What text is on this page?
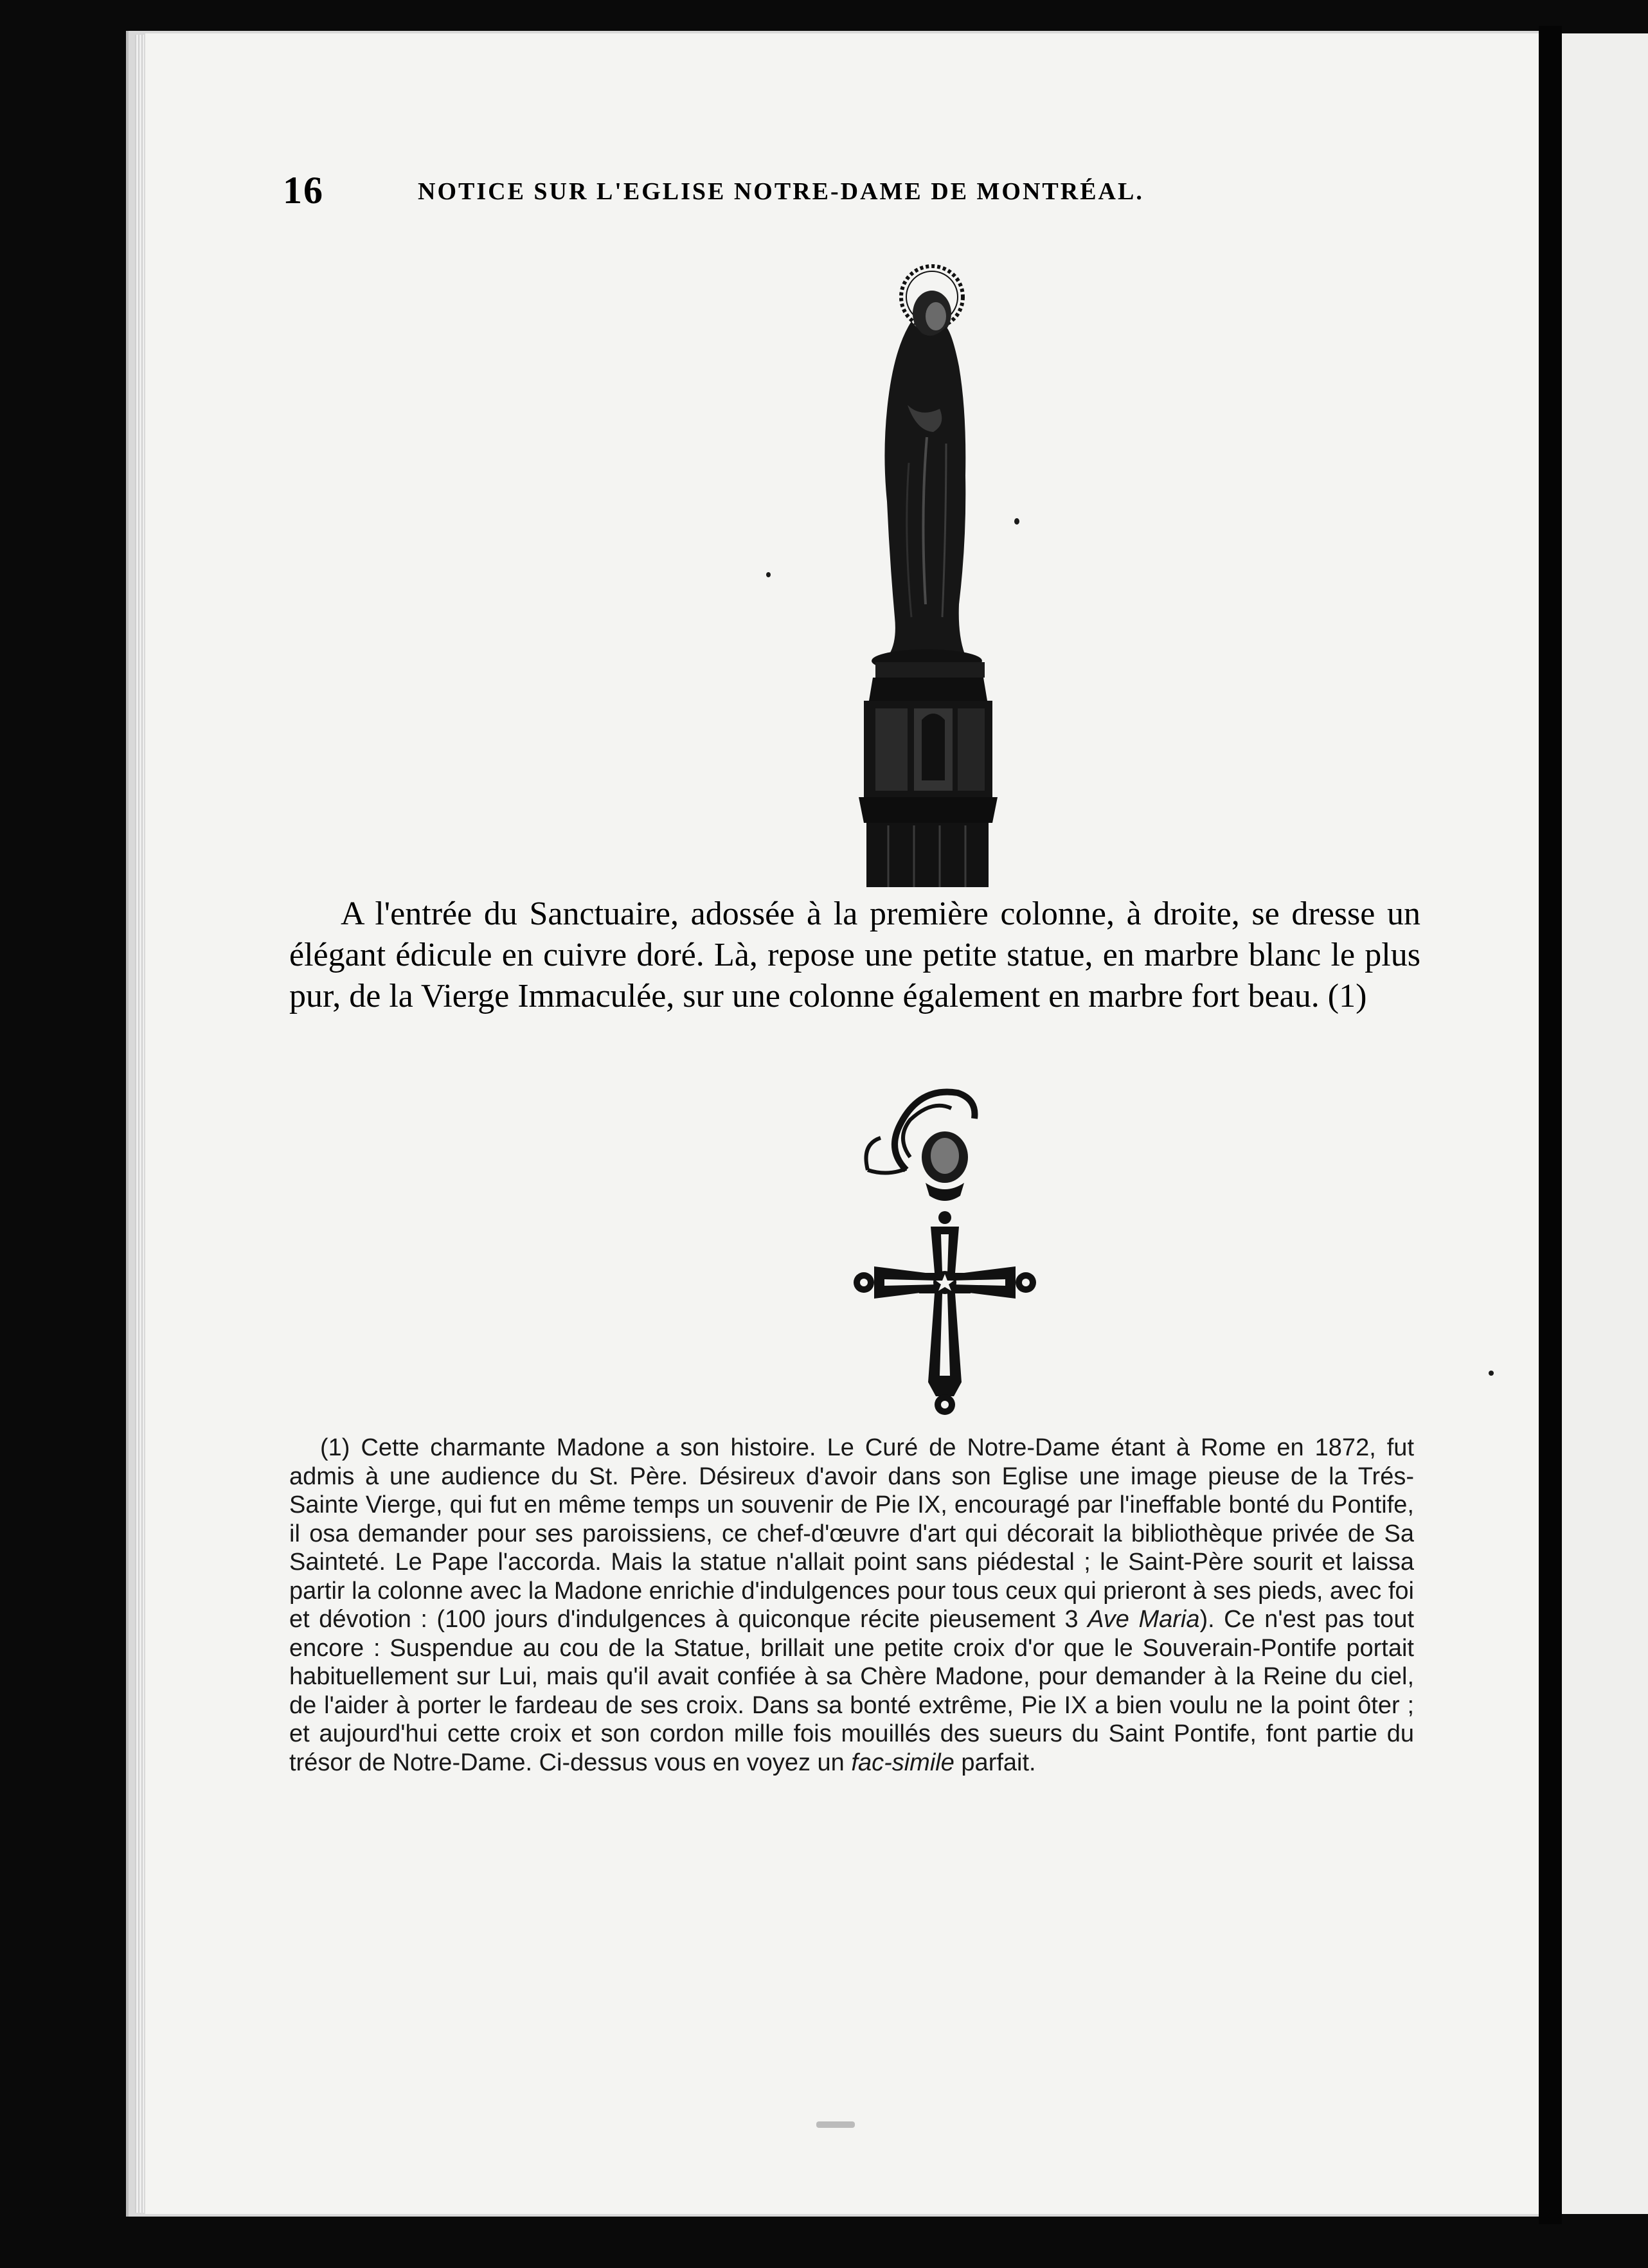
16	NOTICE SUR L'EGLISE NOTRE-DAME DE MONTRÉAL.

A l'entrée du Sanctuaire, adossée à la première colonne, à droite, se dresse un élégant édicule en cuivre doré. Là, repose une petite statue, en marbre blanc le plus pur, de la Vierge Immaculée, sur une colonne également en marbre fort beau. (1)

(1) Cette charmante Madone a son histoire. Le Curé de Notre-Dame étant à Rome en 1872, fut admis à une audience du St. Père. Désireux d'avoir dans son Eglise une image pieuse de la Trés-Sainte Vierge, qui fut en même temps un souvenir de Pie IX, encouragé par l'ineffable bonté du Pontife, il osa demander pour ses paroissiens, ce chef-d'œuvre d'art qui décorait la bibliothèque privée de Sa Sainteté. Le Pape l'accorda. Mais la statue n'allait point sans piédestal ; le Saint-Père sourit et laissa partir la colonne avec la Madone enrichie d'indulgences pour tous ceux qui prieront à ses pieds, avec foi et dévotion : (100 jours d'indulgences à quiconque récite pieusement 3 Ave Maria). Ce n'est pas tout encore : Suspendue au cou de la Statue, brillait une petite croix d'or que le Souverain-Pontife portait habituellement sur Lui, mais qu'il avait confiée à sa Chère Madone, pour demander à la Reine du ciel, de l'aider à porter le fardeau de ses croix. Dans sa bonté extrême, Pie IX a bien voulu ne la point ôter ; et aujourd'hui cette croix et son cordon mille fois mouillés des sueurs du Saint Pontife, font partie du trésor de Notre-Dame. Ci-dessus vous en voyez un fac-simile parfait.
